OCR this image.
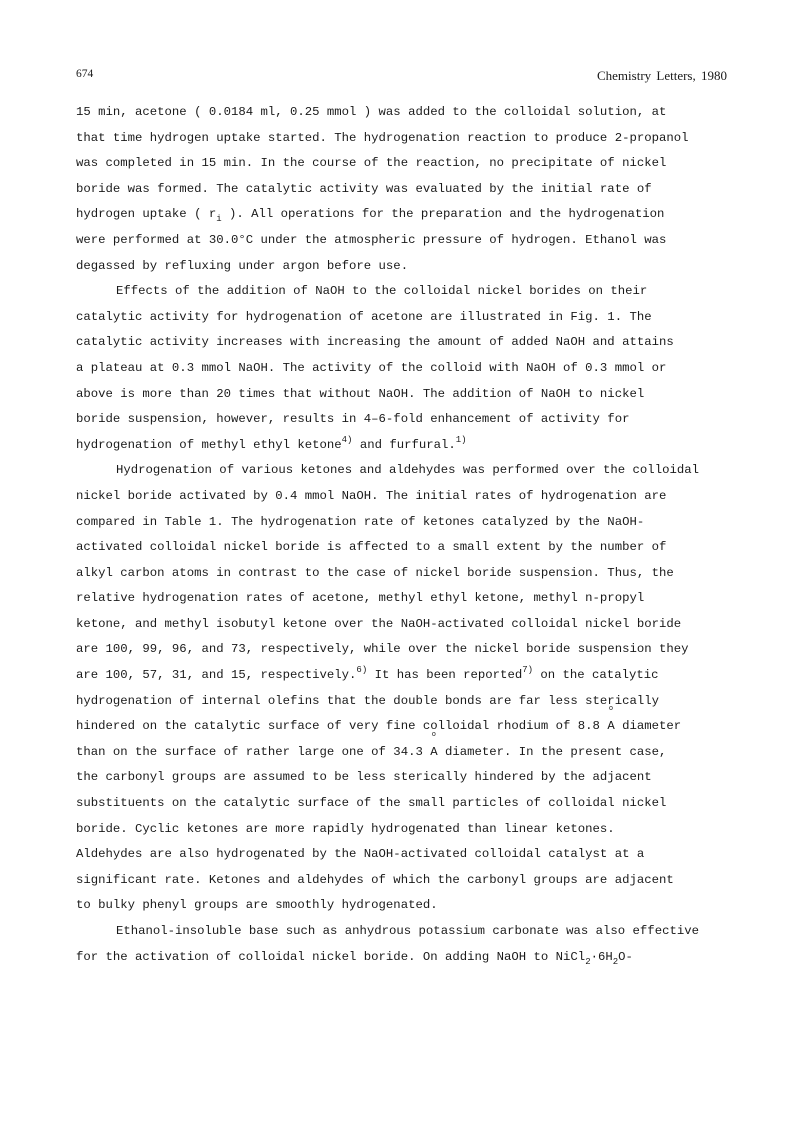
674	Chemistry Letters, 1980
15 min, acetone ( 0.0184 ml, 0.25 mmol ) was added to the colloidal solution, at
that time hydrogen uptake started. The hydrogenation reaction to produce 2-propanol
was completed in 15 min. In the course of the reaction, no precipitate of nickel
boride was formed. The catalytic activity was evaluated by the initial rate of
hydrogen uptake ( $r_i$ ). All operations for the preparation and the hydrogenation
were performed at 30.0°C under the atmospheric pressure of hydrogen. Ethanol was
degassed by refluxing under argon before use.
Effects of the addition of NaOH to the colloidal nickel borides on their
catalytic activity for hydrogenation of acetone are illustrated in Fig. 1. The
catalytic activity increases with increasing the amount of added NaOH and attains
a plateau at 0.3 mmol NaOH. The activity of the colloid with NaOH of 0.3 mmol or
above is more than 20 times that without NaOH. The addition of NaOH to nickel
boride suspension, however, results in 4–6-fold enhancement of activity for
hydrogenation of methyl ethyl ketone$^{4)}$ and furfural.$^{1)}$
Hydrogenation of various ketones and aldehydes was performed over the colloidal
nickel boride activated by 0.4 mmol NaOH. The initial rates of hydrogenation are
compared in Table 1. The hydrogenation rate of ketones catalyzed by the NaOH-
activated colloidal nickel boride is affected to a small extent by the number of
alkyl carbon atoms in contrast to the case of nickel boride suspension. Thus, the
relative hydrogenation rates of acetone, methyl ethyl ketone, methyl n-propyl
ketone, and methyl isobutyl ketone over the NaOH-activated colloidal nickel boride
are 100, 99, 96, and 73, respectively, while over the nickel boride suspension they
are 100, 57, 31, and 15, respectively.$^{6)}$ It has been reported$^{7)}$ on the catalytic
hydrogenation of internal olefins that the double bonds are far less sterically
hindered on the catalytic surface of very fine colloidal rhodium of 8.8 o A diameter
than on the surface of rather large one of 34.3 o A diameter. In the present case,
the carbonyl groups are assumed to be less sterically hindered by the adjacent
substituents on the catalytic surface of the small particles of colloidal nickel
boride. Cyclic ketones are more rapidly hydrogenated than linear ketones.
Aldehydes are also hydrogenated by the NaOH-activated colloidal catalyst at a
significant rate. Ketones and aldehydes of which the carbonyl groups are adjacent
to bulky phenyl groups are smoothly hydrogenated.
Ethanol-insoluble base such as anhydrous potassium carbonate was also effective
for the activation of colloidal nickel boride. On adding NaOH to $NiCl_2\cdot 6H_2O-$
